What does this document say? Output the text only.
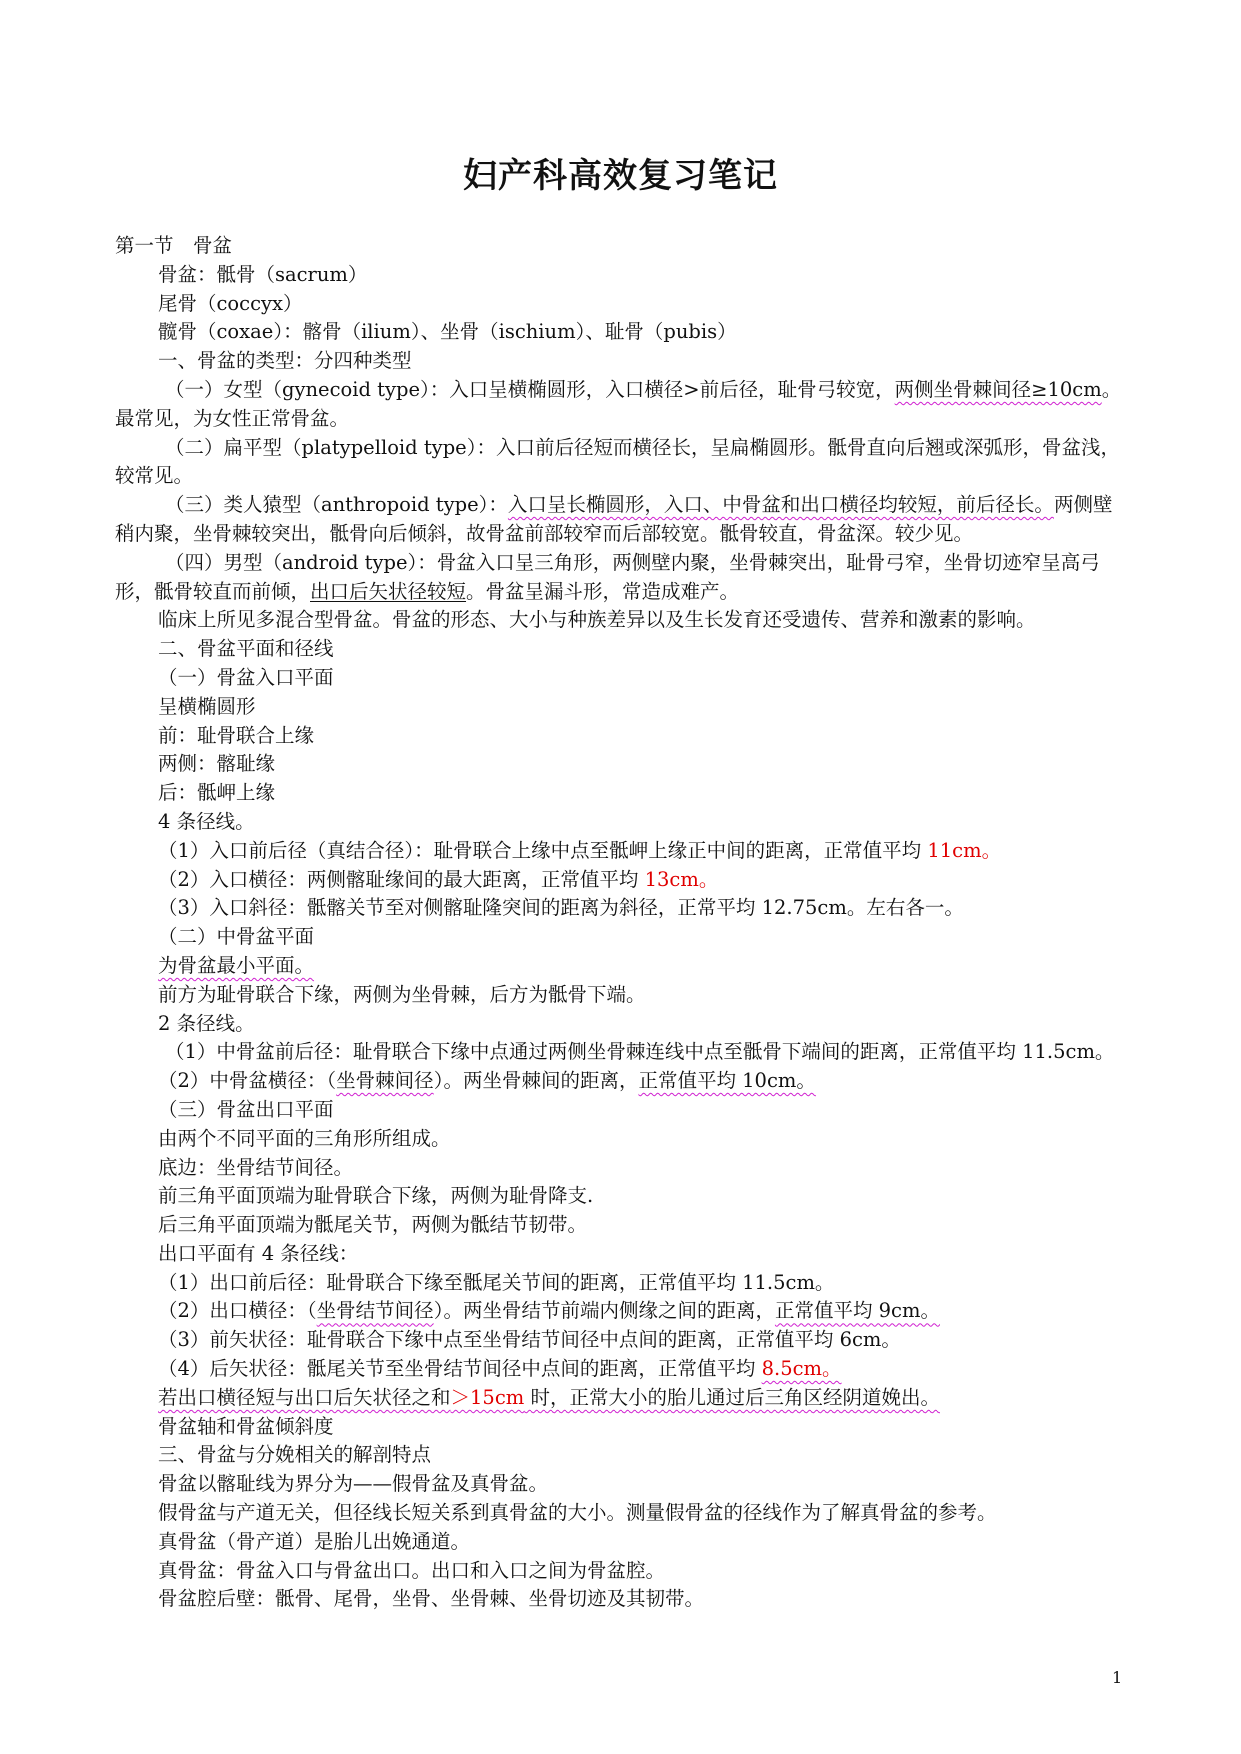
妇产科高效复习笔记
第一节　骨盆
骨盆：骶骨（sacrum）
尾骨（coccyx）
髋骨（coxae）：髂骨（ilium）、坐骨（ischium）、耻骨（pubis）
一、骨盆的类型：分四种类型
（一）女型（gynecoid type）：入口呈横椭圆形，入口横径>前后径，耻骨弓较宽，两侧坐骨棘间径≥10cm。最常见，为女性正常骨盆。
（二）扁平型（platypelloid type）：入口前后径短而横径长，呈扁椭圆形。骶骨直向后翘或深弧形，骨盆浅，较常见。
（三）类人猿型（anthropoid type）：入口呈长椭圆形，入口、中骨盆和出口横径均较短，前后径长。两侧壁稍内聚，坐骨棘较突出，骶骨向后倾斜，故骨盆前部较窄而后部较宽。骶骨较直，骨盆深。较少见。
（四）男型（android type）：骨盆入口呈三角形，两侧壁内聚，坐骨棘突出，耻骨弓窄，坐骨切迹窄呈高弓形，骶骨较直而前倾，出口后矢状径较短。骨盆呈漏斗形，常造成难产。
临床上所见多混合型骨盆。骨盆的形态、大小与种族差异以及生长发育还受遗传、营养和激素的影响。
二、骨盆平面和径线
（一）骨盆入口平面
呈横椭圆形
前：耻骨联合上缘
两侧：髂耻缘
后：骶岬上缘
4 条径线。
（1）入口前后径（真结合径）：耻骨联合上缘中点至骶岬上缘正中间的距离，正常值平均 11cm。
（2）入口横径：两侧髂耻缘间的最大距离，正常值平均 13cm。
（3）入口斜径：骶髂关节至对侧髂耻隆突间的距离为斜径，正常平均 12.75cm。左右各一。
（二）中骨盆平面
为骨盆最小平面。
前方为耻骨联合下缘，两侧为坐骨棘，后方为骶骨下端。
2 条径线。
（1）中骨盆前后径：耻骨联合下缘中点通过两侧坐骨棘连线中点至骶骨下端间的距离，正常值平均 11.5cm。
（2）中骨盆横径：（坐骨棘间径）。两坐骨棘间的距离，正常值平均 10cm。
（三）骨盆出口平面
由两个不同平面的三角形所组成。
底边：坐骨结节间径。
前三角平面顶端为耻骨联合下缘，两侧为耻骨降支.
后三角平面顶端为骶尾关节，两侧为骶结节韧带。
出口平面有 4 条径线：
（1）出口前后径：耻骨联合下缘至骶尾关节间的距离，正常值平均 11.5cm。
（2）出口横径：（坐骨结节间径）。两坐骨结节前端内侧缘之间的距离，正常值平均 9cm。
（3）前矢状径：耻骨联合下缘中点至坐骨结节间径中点间的距离，正常值平均 6cm。
（4）后矢状径：骶尾关节至坐骨结节间径中点间的距离，正常值平均 8.5cm。
若出口横径短与出口后矢状径之和＞15cm 时，正常大小的胎儿通过后三角区经阴道娩出。
骨盆轴和骨盆倾斜度
三、骨盆与分娩相关的解剖特点
骨盆以髂耻线为界分为——假骨盆及真骨盆。
假骨盆与产道无关，但径线长短关系到真骨盆的大小。测量假骨盆的径线作为了解真骨盆的参考。
真骨盆（骨产道）是胎儿出娩通道。
真骨盆：骨盆入口与骨盆出口。出口和入口之间为骨盆腔。
骨盆腔后壁：骶骨、尾骨，坐骨、坐骨棘、坐骨切迹及其韧带。
1
